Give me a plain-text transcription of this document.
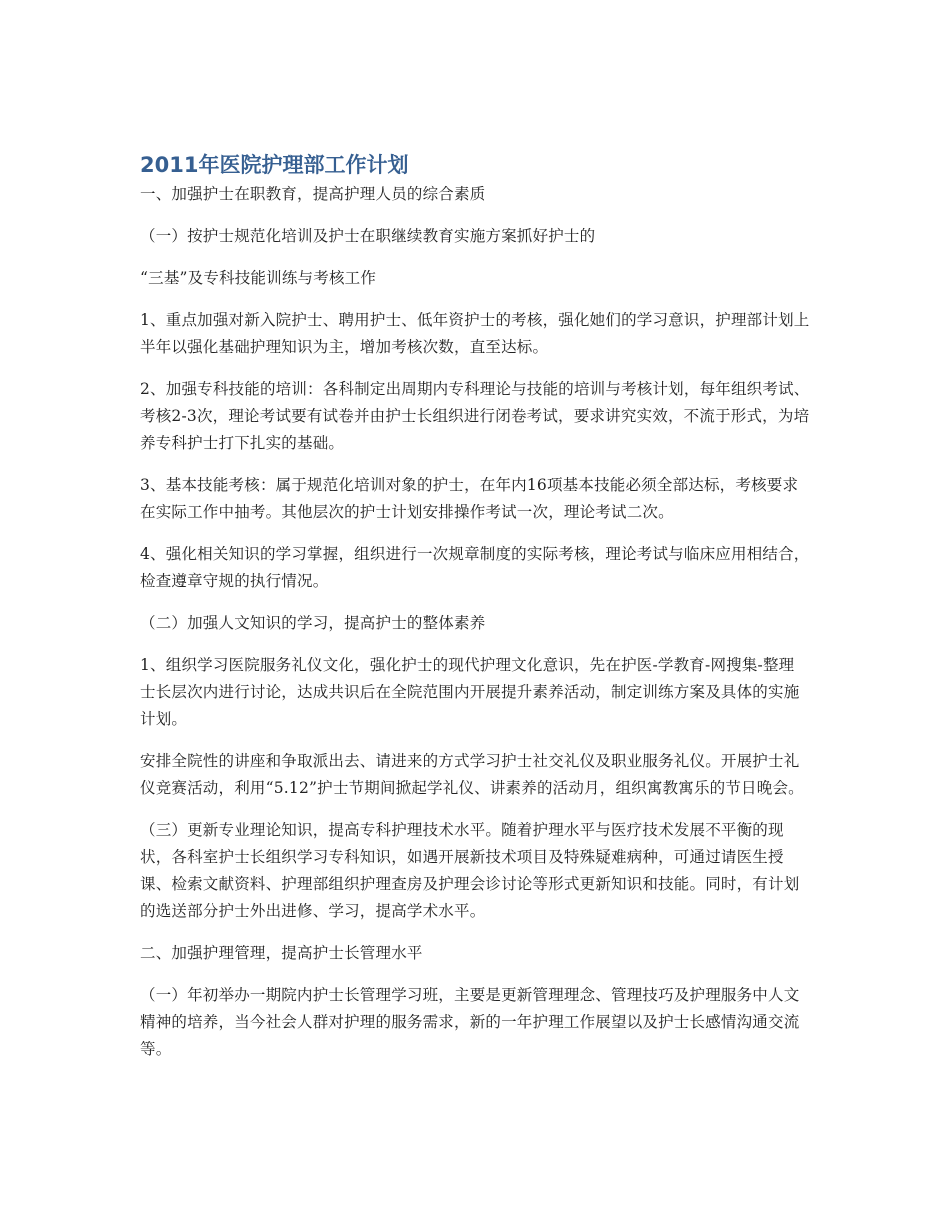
2011年医院护理部工作计划

一、加强护士在职教育，提高护理人员的综合素质

（一）按护士规范化培训及护士在职继续教育实施方案抓好护士的

“三基”及专科技能训练与考核工作

1、重点加强对新入院护士、聘用护士、低年资护士的考核，强化她们的学习意识，护理部计划上半年以强化基础护理知识为主，增加考核次数，直至达标。

2、加强专科技能的培训：各科制定出周期内专科理论与技能的培训与考核计划，每年组织考试、考核2-3次，理论考试要有试卷并由护士长组织进行闭卷考试，要求讲究实效，不流于形式，为培养专科护士打下扎实的基础。

3、基本技能考核：属于规范化培训对象的护士，在年内16项基本技能必须全部达标，考核要求在实际工作中抽考。其他层次的护士计划安排操作考试一次，理论考试二次。

4、强化相关知识的学习掌握，组织进行一次规章制度的实际考核，理论考试与临床应用相结合，检查遵章守规的执行情况。

（二）加强人文知识的学习，提高护士的整体素养

1、组织学习医院服务礼仪文化，强化护士的现代护理文化意识，先在护医-学教育-网搜集-整理士长层次内进行讨论，达成共识后在全院范围内开展提升素养活动，制定训练方案及具体的实施计划。

安排全院性的讲座和争取派出去、请进来的方式学习护士社交礼仪及职业服务礼仪。开展护士礼仪竞赛活动，利用“5.12”护士节期间掀起学礼仪、讲素养的活动月，组织寓教寓乐的节日晚会。

（三）更新专业理论知识，提高专科护理技术水平。随着护理水平与医疗技术发展不平衡的现状，各科室护士长组织学习专科知识，如遇开展新技术项目及特殊疑难病种，可通过请医生授课、检索文献资料、护理部组织护理查房及护理会诊讨论等形式更新知识和技能。同时，有计划的选送部分护士外出进修、学习，提高学术水平。

二、加强护理管理，提高护士长管理水平

（一）年初举办一期院内护士长管理学习班，主要是更新管理理念、管理技巧及护理服务中人文精神的培养，当今社会人群对护理的服务需求，新的一年护理工作展望以及护士长感情沟通交流等。
